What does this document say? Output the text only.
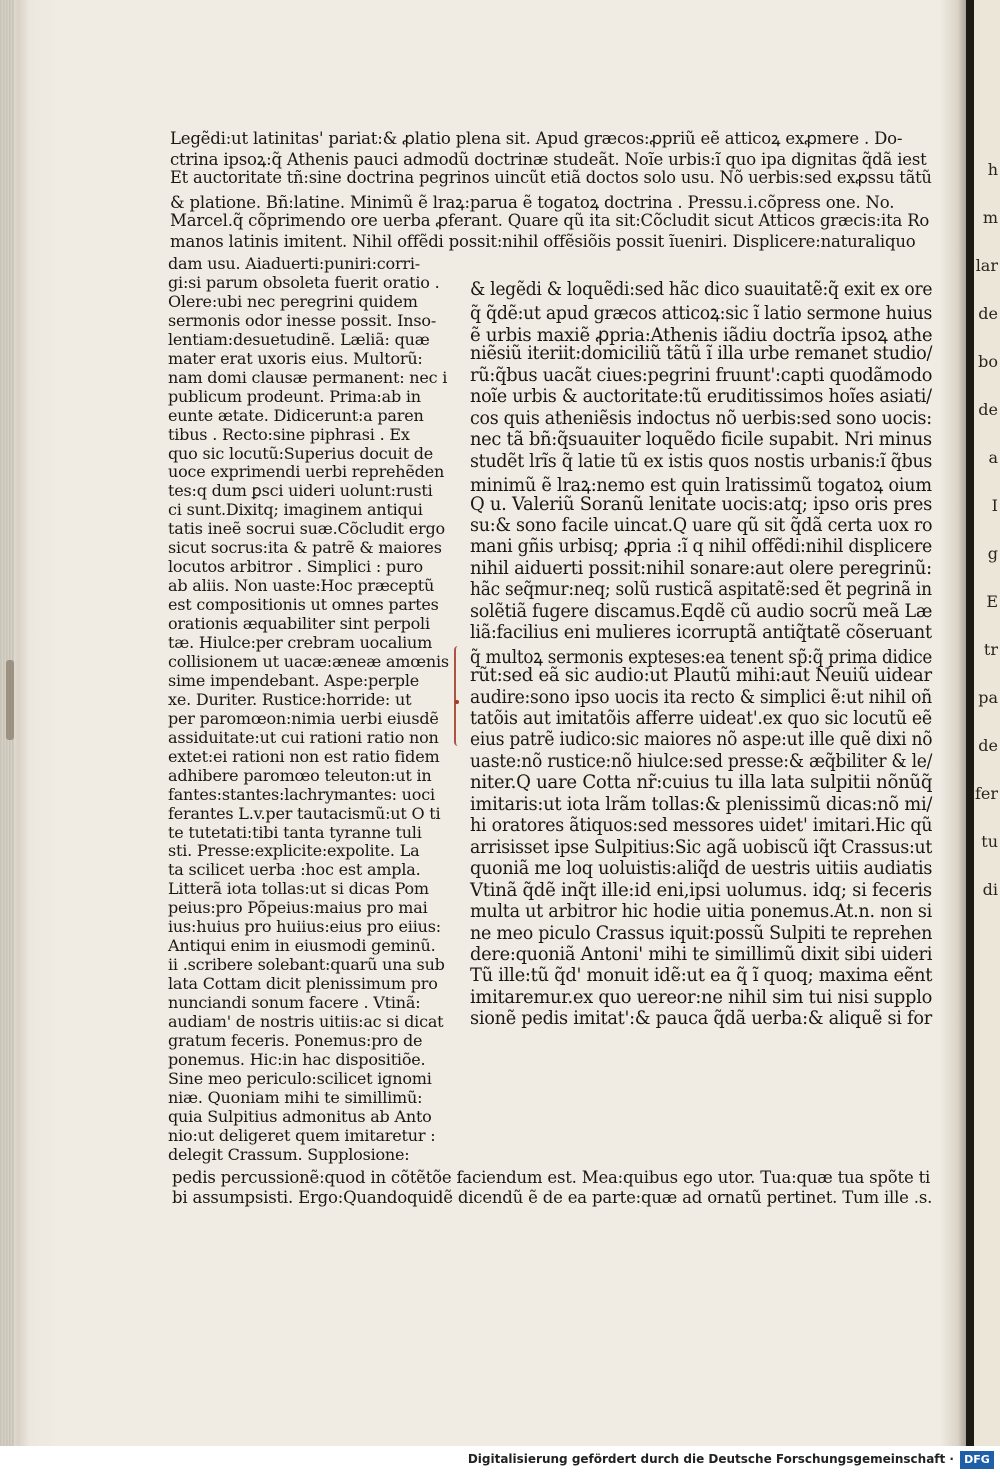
h
m
lar
de
bo
de
a
I
g
E
tr
pa
de
fer
tu
di
Legẽdi:ut latinitas' pariat:& ꝓlatio plena sit. Apud græcos:ꝓpriũ eẽ atticoꝝ exꝓmere . Do-
ctrina ipsoꝝ:q̃ Athenis pauci admodũ doctrinæ studeãt. Noĩe urbis:ĩ quo ipa dignitas q̃dã iest
Et auctoritate tñ:sine doctrina pegrinos uincũt etiã doctos solo usu. Nõ uerbis:sed exꝓssu tãtũ
& platione. Bñ:latine. Minimũ ẽ lraꝝ:parua ẽ togatoꝝ doctrina . Pressu.i.cõpress one. No.
Marcel.q̃ cõprimendo ore uerba ꝓferant. Quare qũ ita sit:Cõcludit sicut Atticos græcis:ita Ro
manos latinis imitent. Nihil offẽdi possit:nihil offẽsiõis possit ĩueniri. Displicere:naturaliquo
dam usu. Aiaduerti:puniri:corri-
gi:si parum obsoleta fuerit oratio .
Olere:ubi nec peregrini quidem
sermonis odor inesse possit. Inso-
lentiam:desuetudinẽ. Læliã: quæ
mater erat uxoris eius. Multorũ:
nam domi clausæ permanent: nec i
publicum prodeunt. Prima:ab in
eunte ætate. Didicerunt:a paren
tibus . Recto:sine piphrasi . Ex
quo sic locutũ:Superius docuit de
uoce exprimendi uerbi reprehẽden
tes:q dum ꝑsci uideri uolunt:rusti
ci sunt.Dixitq; imaginem antiqui
tatis ineẽ socrui suæ.Cõcludit ergo
sicut socrus:ita & patrẽ & maiores
locutos arbitror . Simplici : puro
ab aliis. Non uaste:Hoc præceptũ
est compositionis ut omnes partes
orationis æquabiliter sint perpoli
tæ. Hiulce:per crebram uocalium
collisionem ut uacæ:æneæ amœnis
sime impendebant. Aspe:perple
xe. Duriter. Rustice:horride: ut
per paromœon:nimia uerbi eiusdẽ
assiduitate:ut cui rationi ratio non
extet:ei rationi non est ratio fidem
adhibere paromœo teleuton:ut in
fantes:stantes:lachrymantes: uoci
ferantes L.v.per tautacismũ:ut O ti
te tutetati:tibi tanta tyranne tuli
sti. Presse:explicite:expolite. La
ta scilicet uerba :hoc est ampla.
Litterã iota tollas:ut si dicas Pom
peius:pro Põpeius:maius pro mai
ius:huius pro huiius:eius pro eiius:
Antiqui enim in eiusmodi geminũ.
ii .scribere solebant:quarũ una sub
lata Cottam dicit plenissimum pro
nunciandi sonum facere . Vtinã:
audiam' de nostris uitiis:ac si dicat
gratum feceris. Ponemus:pro de
ponemus. Hic:in hac dispositiõe.
Sine meo periculo:scilicet ignomi
niæ. Quoniam mihi te simillimũ:
quia Sulpitius admonitus ab Anto
nio:ut deligeret quem imitaretur :
delegit Crassum. Supplosione:
& legẽdi & loquẽdi:sed hãc dico suauitatẽ:q̃ exit ex ore
q̃ q̃dẽ:ut apud græcos atticoꝝ:sic ĩ latio sermone huius
ẽ urbis maxiẽ ꝓpria:Athenis iãdiu doctrĩa ipsoꝝ athe
niẽsiũ iteriit:domiciliũ tãtũ ĩ illa urbe remanet studio/
rũ:q̃bus uacãt ciues:pegrini fruunt':capti quodãmodo
noĩe urbis & auctoritate:tũ eruditissimos hoĩes asiati/
cos quis atheniẽsis indoctus nõ uerbis:sed sono uocis:
nec tã bñ:q̃suauiter loquẽdo ficile supabit. Nri minus
studẽt lrĩs q̃ latie tũ ex istis quos nostis urbanis:ĩ q̃bus
minimũ ẽ lraꝝ:nemo est quin lratissimũ togatoꝝ oium
Q u. Valeriũ Soranũ lenitate uocis:atq; ipso oris pres
su:& sono facile uincat.Q uare qũ sit q̃dã certa uox ro
mani gñis urbisq; ꝓpria :ĩ q nihil offẽdi:nihil displicere
nihil aiduerti possit:nihil sonare:aut olere peregrinũ:
hãc seq̃mur:neq; solũ rusticã aspitatẽ:sed ẽt pegrinã in
solẽtiã fugere discamus.Eqdẽ cũ audio socrũ meã Læ
liã:facilius eni mulieres icorruptã antiq̃tatẽ cõseruant
q̃ multoꝝ sermonis expteses:ea tenent sp̃:q̃ prima didice
rũt:sed eã sic audio:ut Plautũ mihi:aut Neuiũ uidear
audire:sono ipso uocis ita recto & simplici ẽ:ut nihil oñ
tatõis aut imitatõis afferre uideat'.ex quo sic locutũ eẽ
eius patrẽ iudico:sic maiores nõ aspe:ut ille quẽ dixi nõ
uaste:nõ rustice:nõ hiulce:sed presse:& æq̃biliter & le/
niter.Q uare Cotta nr̃:cuius tu illa lata sulpitii nõnũq̃
imitaris:ut iota lrãm tollas:& plenissimũ dicas:nõ mi/
hi oratores ãtiquos:sed messores uidet' imitari.Hic qũ
arrisisset ipse Sulpitius:Sic agã uobiscũ iq̃t Crassus:ut
quoniã me loq uoluistis:aliq̃d de uestris uitiis audiatis
Vtinã q̃dẽ inq̃t ille:id eni,ipsi uolumus. idq; si feceris
multa ut arbitror hic hodie uitia ponemus.At.n. non si
ne meo piculo Crassus iquit:possũ Sulpiti te reprehen
dere:quoniã Antoni' mihi te simillimũ dixit sibi uideri
Tũ ille:tũ q̃d' monuit idẽ:ut ea q̃ ĩ quoq; maxima eẽnt
imitaremur.ex quo uereor:ne nihil sim tui nisi supplo
sionẽ pedis imitat':& pauca q̃dã uerba:& aliquẽ si for
pedis percussionẽ:quod in cõtẽtõe faciendum est. Mea:quibus ego utor. Tua:quæ tua spõte ti
bi assumpsisti. Ergo:Quandoquidẽ dicendũ ẽ de ea parte:quæ ad ornatũ pertinet. Tum ille .s.
Digitalisierung gefördert durch die Deutsche Forschungsgemeinschaft · DFG
